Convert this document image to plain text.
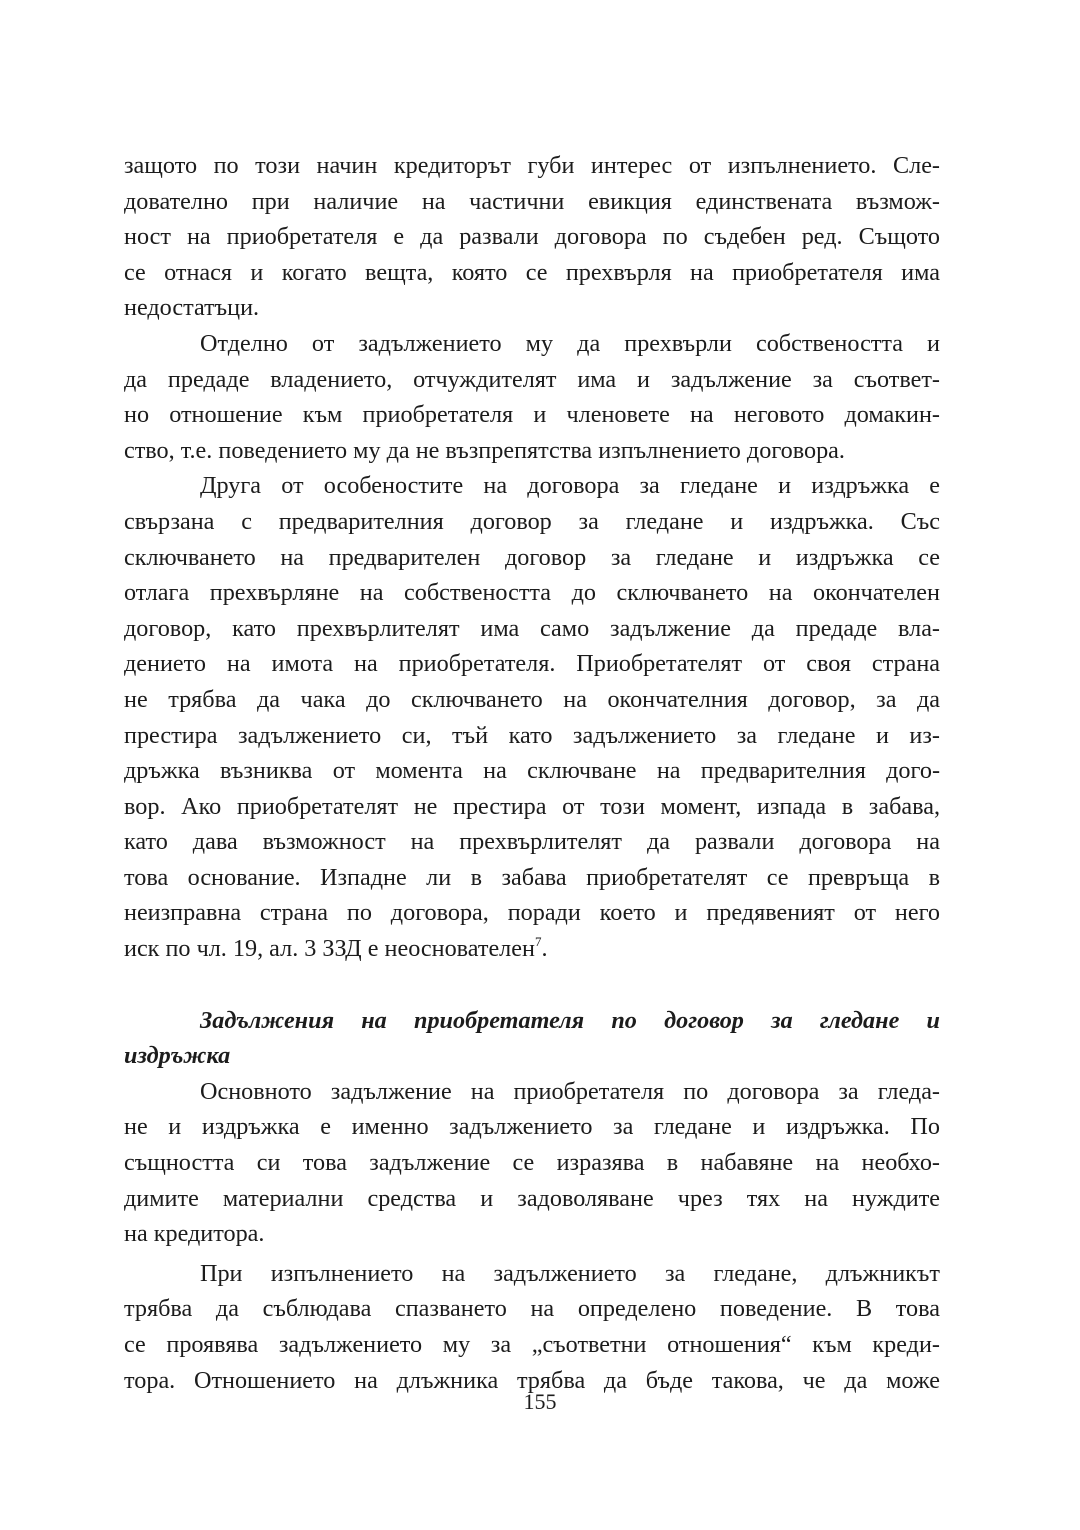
защото по този начин кредиторът губи интерес от изпълнението. Сле-
дователно при наличие на частични евикция единствената възмож-
ност на приобретателя е да развали договора по съдебен ред. Същото
се отнася и когато вещта, която се прехвърля на приобретателя има
недостатъци.

Отделно от задължението му да прехвърли собствеността и
да предаде владението, отчуждителят има и задължение за съответ-
но отношение към приобретателя и членовете на неговото домакин-
ство, т.е. поведението му да не възпрепятства изпълнението договора.

Друга от особеностите на договора за гледане и издръжка е
свързана с предварителния договор за гледане и издръжка. Със
сключването на предварителен договор за гледане и издръжка се
отлага прехвърляне на собствеността до сключването на окончателен
договор, като прехвърлителят има само задължение да предаде вла-
дението на имота на приобретателя. Приобретателят от своя страна
не трябва да чака до сключването на окончателния договор, за да
престира задължението си, тъй като задължението за гледане и из-
дръжка възниква от момента на сключване на предварителния дого-
вор. Ако приобретателят не престира от този момент, изпада в забава,
като дава възможност на прехвърлителят да развали договора на
това основание. Изпадне ли в забава приобретателят се превръща в
неизправна страна по договора, поради което и предявеният от него
иск по чл. 19, ал. 3 ЗЗД е неоснователен$^7$.

Задължения на приобретателя по договор за гледане и
издръжка

Основното задължение на приобретателя по договора за гледа-
не и издръжка е именно задължението за гледане и издръжка. По
същността си това задължение се изразява в набавяне на необхо-
димите материални средства и задоволяване чрез тях на нуждите
на кредитора.

При изпълнението на задължението за гледане, длъжникът
трябва да съблюдава спазването на определено поведение. В това
се проявява задължението му за „съответни отношения“ към креди-
тора. Отношението на длъжника трябва да бъде такова, че да може

155
